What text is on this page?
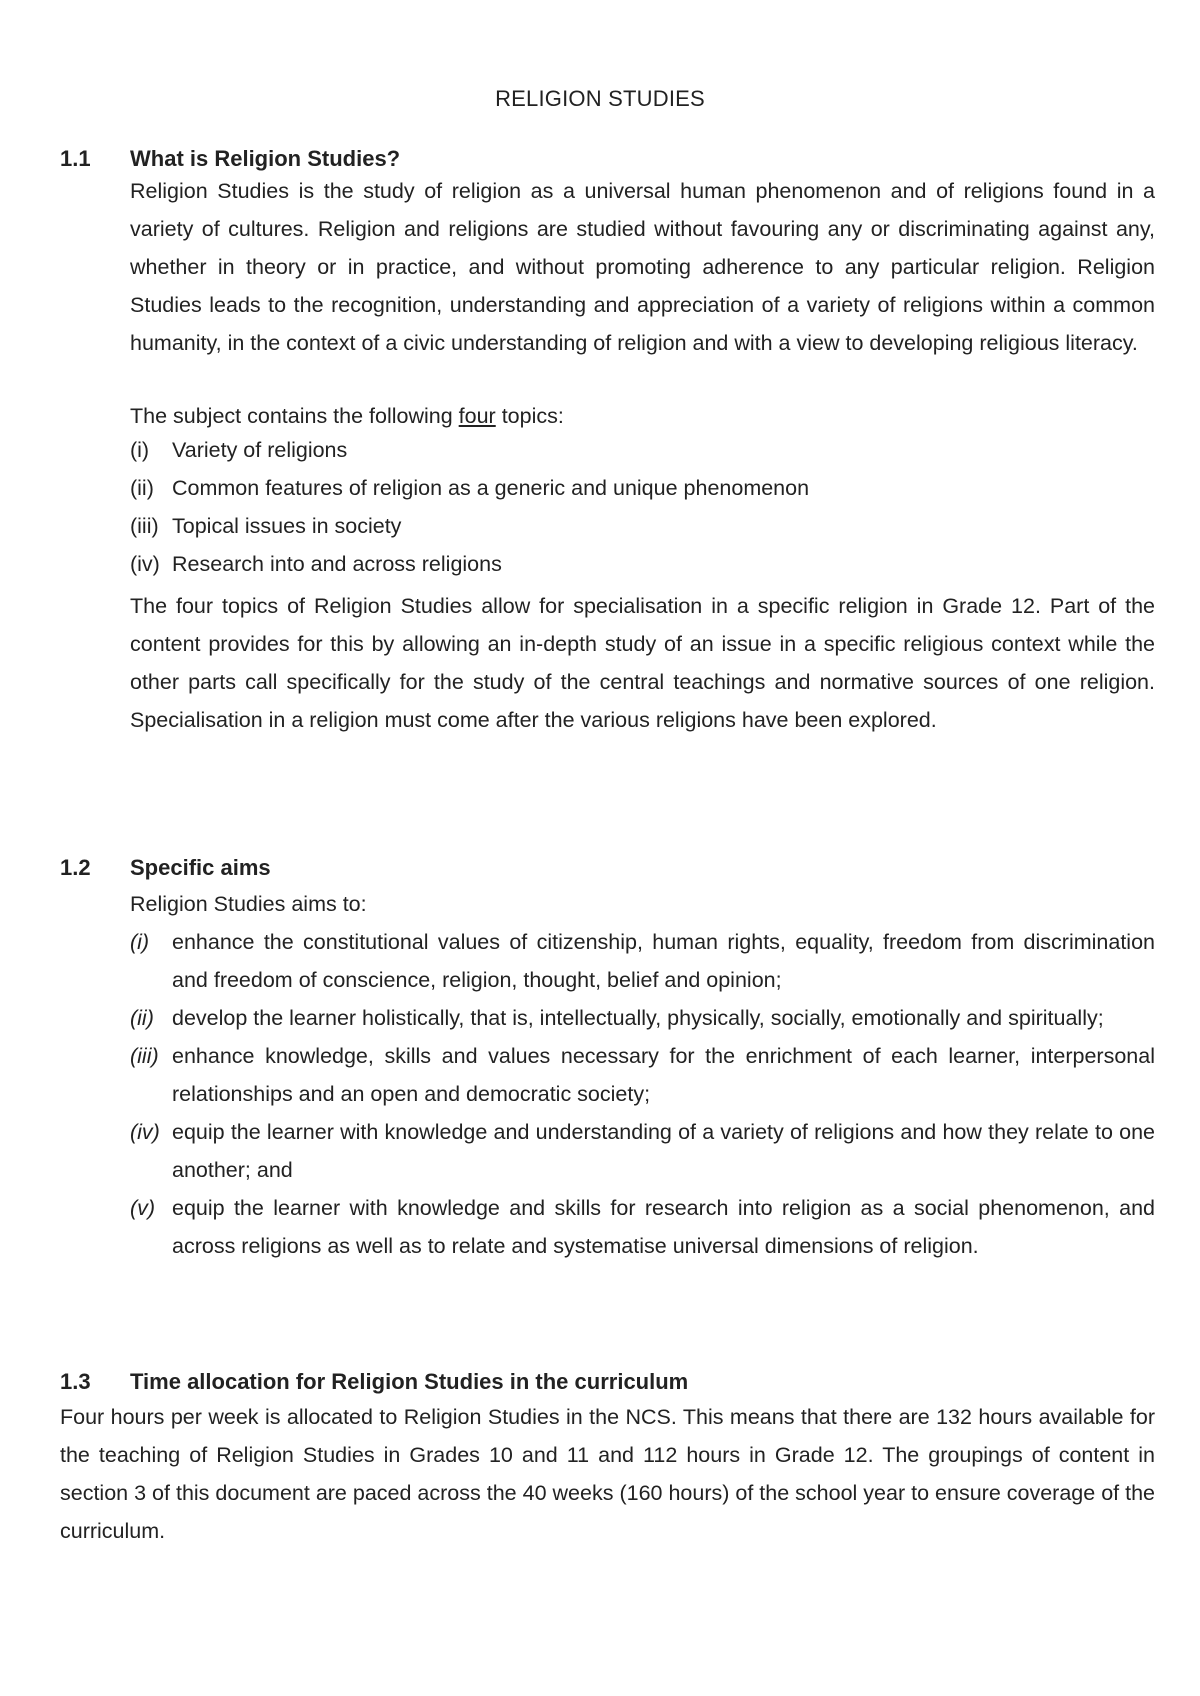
RELIGION STUDIES
1.1 What is Religion Studies?
Religion Studies is the study of religion as a universal human phenomenon and of religions found in a variety of cultures. Religion and religions are studied without favouring any or discriminating against any, whether in theory or in practice, and without promoting adherence to any particular religion. Religion Studies leads to the recognition, understanding and appreciation of a variety of religions within a common humanity, in the context of a civic understanding of religion and with a view to developing religious literacy.
The subject contains the following four topics:
(i) Variety of religions
(ii) Common features of religion as a generic and unique phenomenon
(iii) Topical issues in society
(iv) Research into and across religions
The four topics of Religion Studies allow for specialisation in a specific religion in Grade 12. Part of the content provides for this by allowing an in-depth study of an issue in a specific religious context while the other parts call specifically for the study of the central teachings and normative sources of one religion. Specialisation in a religion must come after the various religions have been explored.
1.2 Specific aims
Religion Studies aims to:
(i) enhance the constitutional values of citizenship, human rights, equality, freedom from discrimination and freedom of conscience, religion, thought, belief and opinion;
(ii) develop the learner holistically, that is, intellectually, physically, socially, emotionally and spiritually;
(iii) enhance knowledge, skills and values necessary for the enrichment of each learner, interpersonal relationships and an open and democratic society;
(iv) equip the learner with knowledge and understanding of a variety of religions and how they relate to one another; and
(v) equip the learner with knowledge and skills for research into religion as a social phenomenon, and across religions as well as to relate and systematise universal dimensions of religion.
1.3 Time allocation for Religion Studies in the curriculum
Four hours per week is allocated to Religion Studies in the NCS. This means that there are 132 hours available for the teaching of Religion Studies in Grades 10 and 11 and 112 hours in Grade 12. The groupings of content in section 3 of this document are paced across the 40 weeks (160 hours) of the school year to ensure coverage of the curriculum.
